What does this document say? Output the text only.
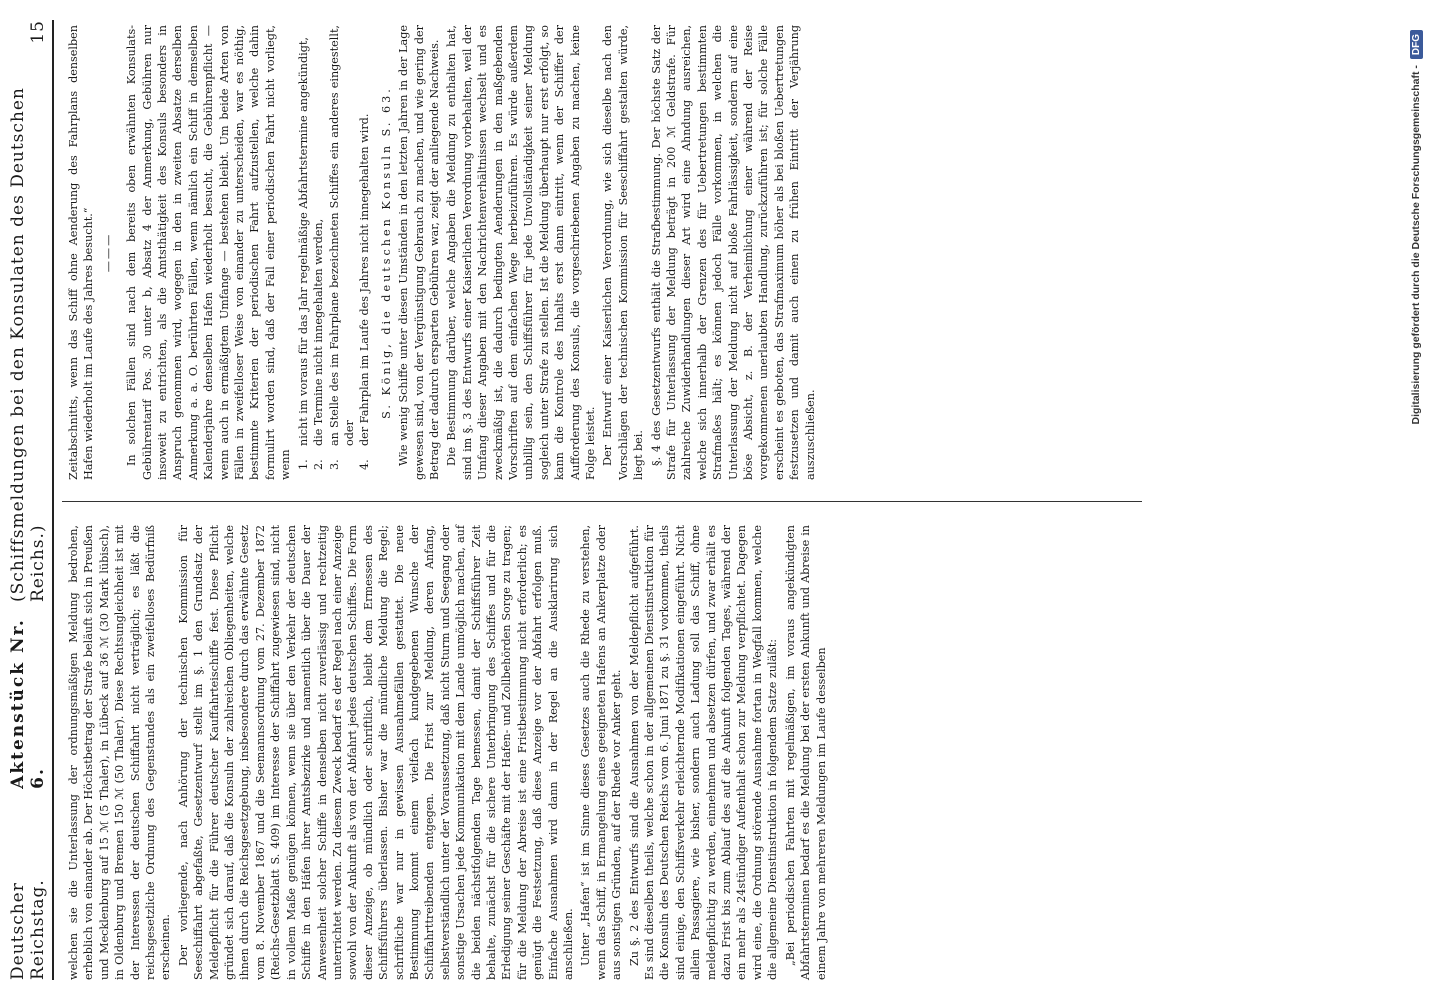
Deutscher Reichstag.
Aktenstück Nr. 6.
(Schiffsmeldungen bei den Konsulaten des Deutschen Reichs.)
15

welchen sie die Unterlassung der ordnungsmäßigen Meldung bedrohen, erheblich von einander ab. Der Höchstbetrag der Strafe beläuft sich in Preußen und Mecklenburg auf 15 ℳ (5 Thaler), in Lübeck auf 36 ℳ (30 Mark lübisch), in Oldenburg und Bremen 150 ℳ (50 Thaler). Diese Rechtsungleichheit ist mit der Interessen der deutschen Schiffahrt nicht verträglich; es läßt die reichsgesetzliche Ordnung des Gegenstandes als ein zweifelloses Bedürfniß erscheinen. Der vorliegende, nach Anhörung der technischen Kommission für Seeschiffahrt abgefaßte, Gesetzentwurf stellt im §. 1 den Grundsatz der Meldepflicht für die Führer deutscher Kauffahrteischiffe fest. Diese Pflicht gründet sich darauf, daß die Konsuln der zahlreichen Obliegenheiten, welche ihnen durch die Reichsgesetzgebung, insbesondere durch das erwähnte Gesetz vom 8. November 1867 und die Seemannsordnung vom 27. Dezember 1872 (Reichs-Gesetzblatt S. 409) im Interesse der Schiffahrt zugewiesen sind, nicht in vollem Maße genügen können, wenn sie über den Verkehr der deutschen Schiffe in den Häfen ihrer Amtsbezirke und namentlich über die Dauer der Anwesenheit solcher Schiffe in denselben nicht zuverlässig und rechtzeitig unterrichtet werden. Zu diesem Zweck bedarf es der Regel nach einer Anzeige sowohl von der Ankunft als von der Abfahrt jedes deutschen Schiffes. Die Form dieser Anzeige, ob mündlich oder schriftlich, bleibt dem Ermessen des Schiffsführers überlassen. Bisher war die mündliche Meldung die Regel; schriftliche war nur in gewissen Ausnahmefällen gestattet. Die neue Bestimmung kommt einem vielfach kundgegebenen Wunsche der Schiffahrttreibenden entgegen. Die Frist zur Meldung, deren Anfang, selbstverständlich unter der Voraussetzung, daß nicht Sturm und Seegang oder sonstige Ursachen jede Kommunikation mit dem Lande unmöglich machen, auf die beiden nächstfolgenden Tage bemessen, damit der Schiffsführer Zeit behalte, zunächst für die sichere Unterbringung des Schiffes und für die Erledigung seiner Geschäfte mit der Hafen- und Zollbehörden Sorge zu tragen; für die Meldung der Abreise ist eine Fristbestimmung nicht erforderlich; es genügt die Festsetzung, daß diese Anzeige vor der Abfahrt erfolgen muß. Einfache Ausnahmen wird dann in der Regel an die Ausklarirung sich anschließen. Unter „Hafen“ ist im Sinne dieses Gesetzes auch die Rhede zu verstehen, wenn das Schiff, in Ermangelung eines geeigneten Hafens an Ankerplatze oder aus sonstigen Gründen, auf der Rhede vor Anker geht. Zu §. 2 des Entwurfs sind die Ausnahmen von der Meldepflicht aufgeführt. Es sind dieselben theils, welche schon in der allgemeinen Dienstinstruktion für die Konsuln des Deutschen Reichs vom 6. Juni 1871 zu §. 31 vorkommen, theils sind einige, den Schiffsverkehr erleichternde Modifikationen eingeführt. Nicht allein Passagiere, wie bisher, sondern auch Ladung soll das Schiff, ohne meldepflichtig zu werden, einnehmen und absetzen dürfen, und zwar erhält es dazu Frist bis zum Ablauf des auf die Ankunft folgenden Tages, während der ein mehr als 24stündiger Aufenthalt schon zur Meldung verpflichtet. Dagegen wird eine, die Ordnung störende Ausnahme fortan in Wegfall kommen, welche die allgemeine Dienstinstruktion in folgendem Satze zuläßt: „Bei periodischen Fahrten mit regelmäßigen, im voraus angekündigten Abfahrtsterminen bedarf es die Meldung bei der ersten Ankunft und Abreise in einem Jahre von mehreren Meldungen im Laufe desselben

Zeitabschnitts, wenn das Schiff ohne Aenderung des Fahrplans denselben Hafen wiederholt im Laufe des Jahres besucht.“ ——— In solchen Fällen sind nach dem bereits oben erwähnten Konsulats-Gebührentarif Pos. 30 unter b, Absatz 4 der Anmerkung, Gebühren nur insoweit zu entrichten, als die Amtsthätigkeit des Konsuls besonders in Anspruch genommen wird, wogegen in den in zweiten Absatze derselben Anmerkung a. a. O. berührten Fällen, wenn nämlich ein Schiff in demselben Kalenderjahre denselben Hafen wiederholt besucht, die Gebührenpflicht — wenn auch in ermäßigtem Umfange — bestehen bleibt. Um beide Arten von Fällen in zweifelloser Weise von einander zu unterscheiden, war es nöthig, bestimmte Kriterien der periodischen Fahrt aufzustellen, welche dahin formulirt worden sind, daß der Fall einer periodischen Fahrt nicht vorliegt, wenn 1.
nicht im voraus für das Jahr regelmäßige Abfahrtstermine angekündigt,
2.
die Termine nicht innegehalten werden,
3.
an Stelle des im Fahrplane bezeichneten Schiffes ein anderes eingestellt, oder
4.
der Fahrplan im Laufe des Jahres nicht innegehalten wird. S. König, die deutschen Konsuln S. 63. Wie wenig Schiffe unter diesen Umständen in den letzten Jahren in der Lage gewesen sind, von der Vergünstigung Gebrauch zu machen, und wie gering der Betrag der dadurch ersparten Gebühren war, zeigt der anliegende Nachweis. Die Bestimmung darüber, welche Angaben die Meldung zu enthalten hat, sind im §. 3 des Entwurfs einer Kaiserlichen Verordnung vorbehalten, weil der Umfang dieser Angaben mit den Nachrichtenverhältnissen wechselt und es zweckmäßig ist, die dadurch bedingten Aenderungen in den maßgebenden Vorschriften auf dem einfachen Wege herbeizuführen. Es würde außerdem unbillig sein, den Schiffsführer für jede Unvollständigkeit seiner Meldung sogleich unter Strafe zu stellen. Ist die Meldung überhaupt nur erst erfolgt, so kann die Kontrole des Inhalts erst dann eintritt, wenn der Schiffer der Aufforderung des Konsuls, die vorgeschriebenen Angaben zu machen, keine Folge leistet. Der Entwurf einer Kaiserlichen Verordnung, wie sich dieselbe nach den Vorschlägen der technischen Kommission für Seeschiffahrt gestalten würde, liegt bei. §. 4 des Gesetzentwurfs enthält die Strafbestimmung. Der höchste Satz der Strafe für Unterlassung der Meldung beträgt in 200 ℳ Geldstrafe. Für zahlreiche Zuwiderhandlungen dieser Art wird eine Ahndung ausreichen, welche sich innerhalb der Grenzen des für Uebertretungen bestimmten Strafmaßes hält; es können jedoch Fälle vorkommen, in welchen die Unterlassung der Meldung nicht auf bloße Fahrlässigkeit, sondern auf eine böse Absicht, z. B. der Verheimlichung einer während der Reise vorgekommenen unerlaubten Handlung, zurückzuführen ist; für solche Fälle erscheint es geboten, das Strafmaximum höher als bei bloßen Uebertretungen festzusetzen und damit auch einen zu frühen Eintritt der Verjährung auszuschließen.

Digitalisierung gefördert durch die Deutsche Forschungsgemeinschaft -
DFG
